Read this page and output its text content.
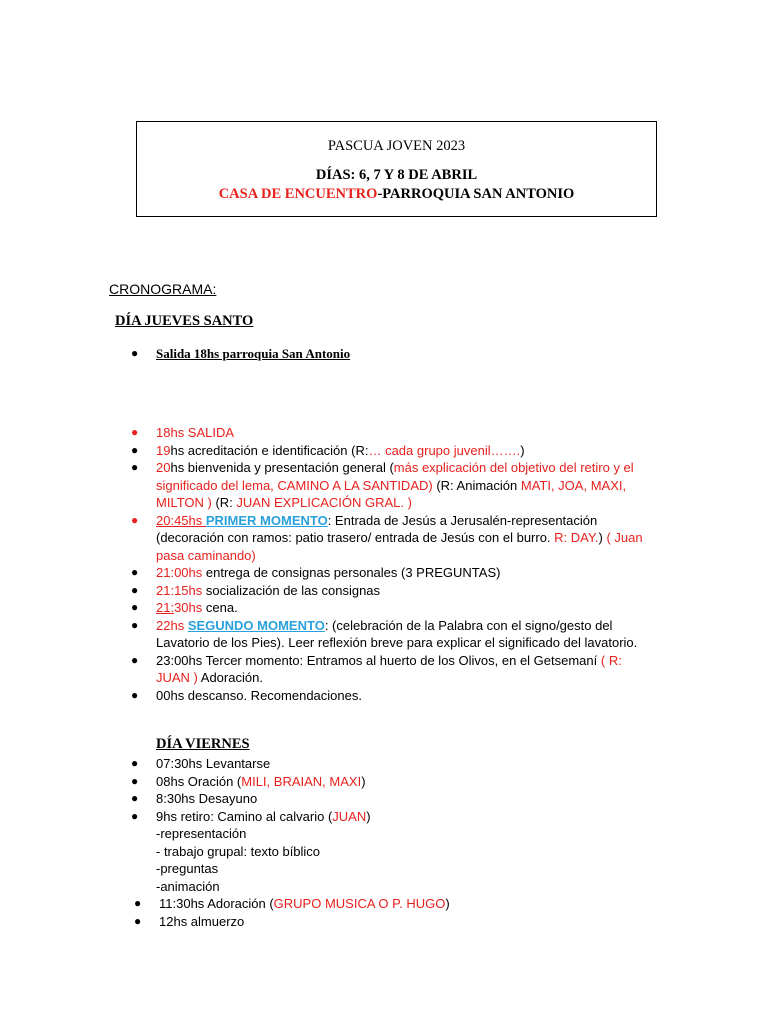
PASCUA JOVEN 2023
DÍAS: 6, 7 Y 8 DE ABRIL
CASA DE ENCUENTRO-PARROQUIA SAN ANTONIO
CRONOGRAMA:
DÍA JUEVES SANTO
● Salida 18hs parroquia San Antonio
● 18hs SALIDA
● 19hs acreditación e identificación (R:… cada grupo juvenil…….)
● 20hs bienvenida y presentación general (más explicación del objetivo del retiro y el significado del lema, CAMINO A LA SANTIDAD) (R: Animación MATI, JOA, MAXI, MILTON ) (R: JUAN EXPLICACIÓN GRAL. )
● 20:45hs PRIMER MOMENTO: Entrada de Jesús a Jerusalén-representación (decoración con ramos: patio trasero/ entrada de Jesús con el burro. R: DAY.) ( Juan pasa caminando)
● 21:00hs entrega de consignas personales (3 PREGUNTAS)
● 21:15hs socialización de las consignas
● 21:30hs cena.
● 22hs SEGUNDO MOMENTO: (celebración de la Palabra con el signo/gesto del Lavatorio de los Pies). Leer reflexión breve para explicar el significado del lavatorio.
● 23:00hs Tercer momento: Entramos al huerto de los Olivos, en el Getsemaní ( R: JUAN ) Adoración.
● 00hs descanso. Recomendaciones.
DÍA VIERNES
● 07:30hs Levantarse
● 08hs Oración (MILI, BRAIAN, MAXI)
● 8:30hs Desayuno
● 9hs retiro: Camino al calvario (JUAN)
-representación
- trabajo grupal: texto bíblico
-preguntas
-animación
● 11:30hs Adoración (GRUPO MUSICA O P. HUGO)
● 12hs almuerzo
